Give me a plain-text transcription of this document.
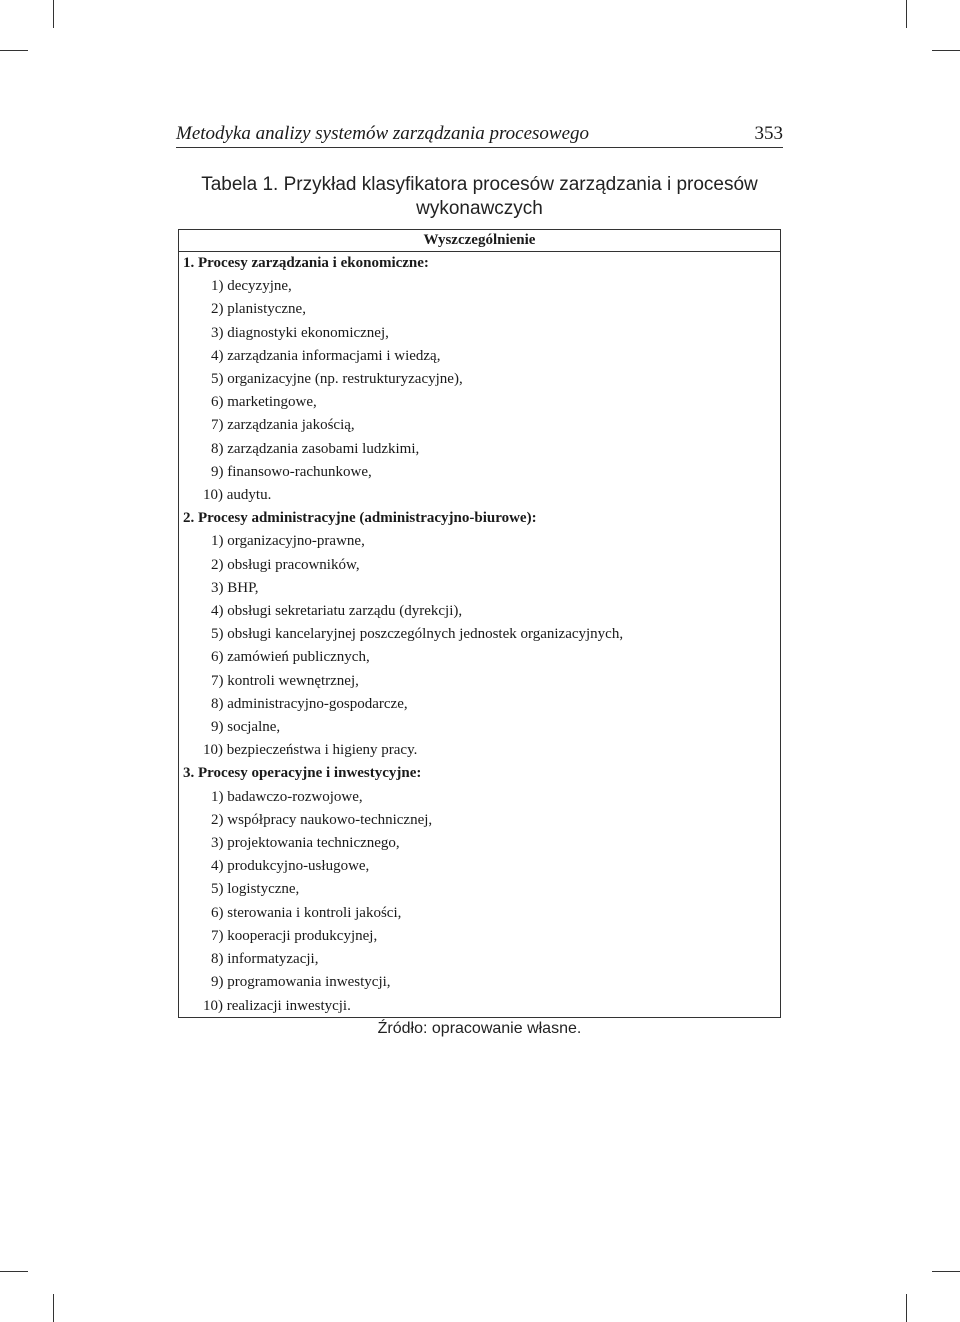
Metodyka analizy systemów zarządzania procesowego	353
Tabela 1. Przykład klasyfikatora procesów zarządzania i procesów
wykonawczych
Wyszczególnienie
1. Procesy zarządzania i ekonomiczne:
1) decyzyjne,
2) planistyczne,
3) diagnostyki ekonomicznej,
4) zarządzania informacjami i wiedzą,
5) organizacyjne (np. restrukturyzacyjne),
6) marketingowe,
7) zarządzania jakością,
8) zarządzania zasobami ludzkimi,
9) finansowo-rachunkowe,
10) audytu.
2. Procesy administracyjne (administracyjno-biurowe):
1) organizacyjno-prawne,
2) obsługi pracowników,
3) BHP,
4) obsługi sekretariatu zarządu (dyrekcji),
5) obsługi kancelaryjnej poszczególnych jednostek organizacyjnych,
6) zamówień publicznych,
7) kontroli wewnętrznej,
8) administracyjno-gospodarcze,
9) socjalne,
10) bezpieczeństwa i higieny pracy.
3. Procesy operacyjne i inwestycyjne:
1) badawczo-rozwojowe,
2) współpracy naukowo-technicznej,
3) projektowania technicznego,
4) produkcyjno-usługowe,
5) logistyczne,
6) sterowania i kontroli jakości,
7) kooperacji produkcyjnej,
8) informatyzacji,
9) programowania inwestycji,
10) realizacji inwestycji.
Źródło: opracowanie własne.
